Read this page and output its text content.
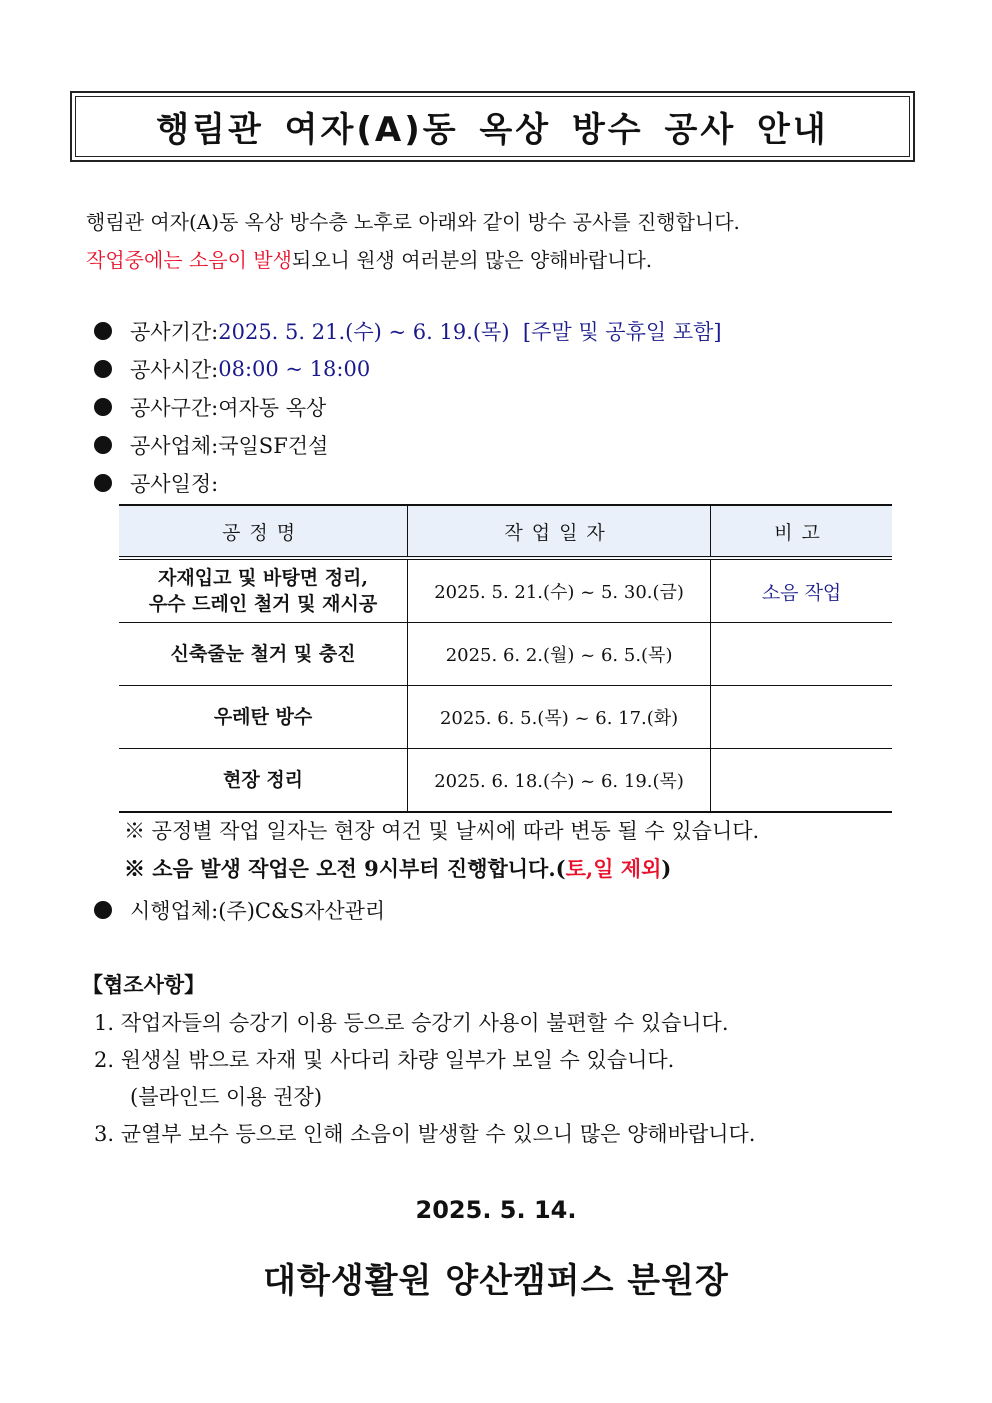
행림관 여자(A)동 옥상 방수 공사 안내
행림관 여자(A)동 옥상 방수층 노후로 아래와 같이 방수 공사를 진행합니다.
작업중에는 소음이 발생되오니 원생 여러분의 많은 양해바랍니다.
공사기간: 2025. 5. 21.(수) ~ 6. 19.(목)  [주말 및 공휴일 포함]
공사시간: 08:00 ~ 18:00
공사구간: 여자동 옥상
공사업체: 국일SF건설
공사일정:
공정명	작업일자	비고

자재입고 및 바탕면 정리,
우수 드레인 철거 및 재시공	2025. 5. 21.(수) ~ 5. 30.(금)	소음 작업
신축줄눈 철거 및 충진	2025. 6. 2.(월) ~ 6. 5.(목)	
우레탄 방수	2025. 6. 5.(목) ~ 6. 17.(화)	
현장 정리	2025. 6. 18.(수) ~ 6. 19.(목)	
※ 공정별 작업 일자는 현장 여건 및 날씨에 따라 변동 될 수 있습니다.
※ 소음 발생 작업은 오전 9시부터 진행합니다.( 토,일 제외 )
시행업체: (주)C&S자산관리
【협조사항】
1. 작업자들의 승강기 이용 등으로 승강기 사용이 불편할 수 있습니다.
2. 원생실 밖으로 자재 및 사다리 차량 일부가 보일 수 있습니다.
(블라인드 이용 권장)
3. 균열부 보수 등으로 인해 소음이 발생할 수 있으니 많은 양해바랍니다.
2025. 5. 14.
대학생활원 양산캠퍼스 분원장
